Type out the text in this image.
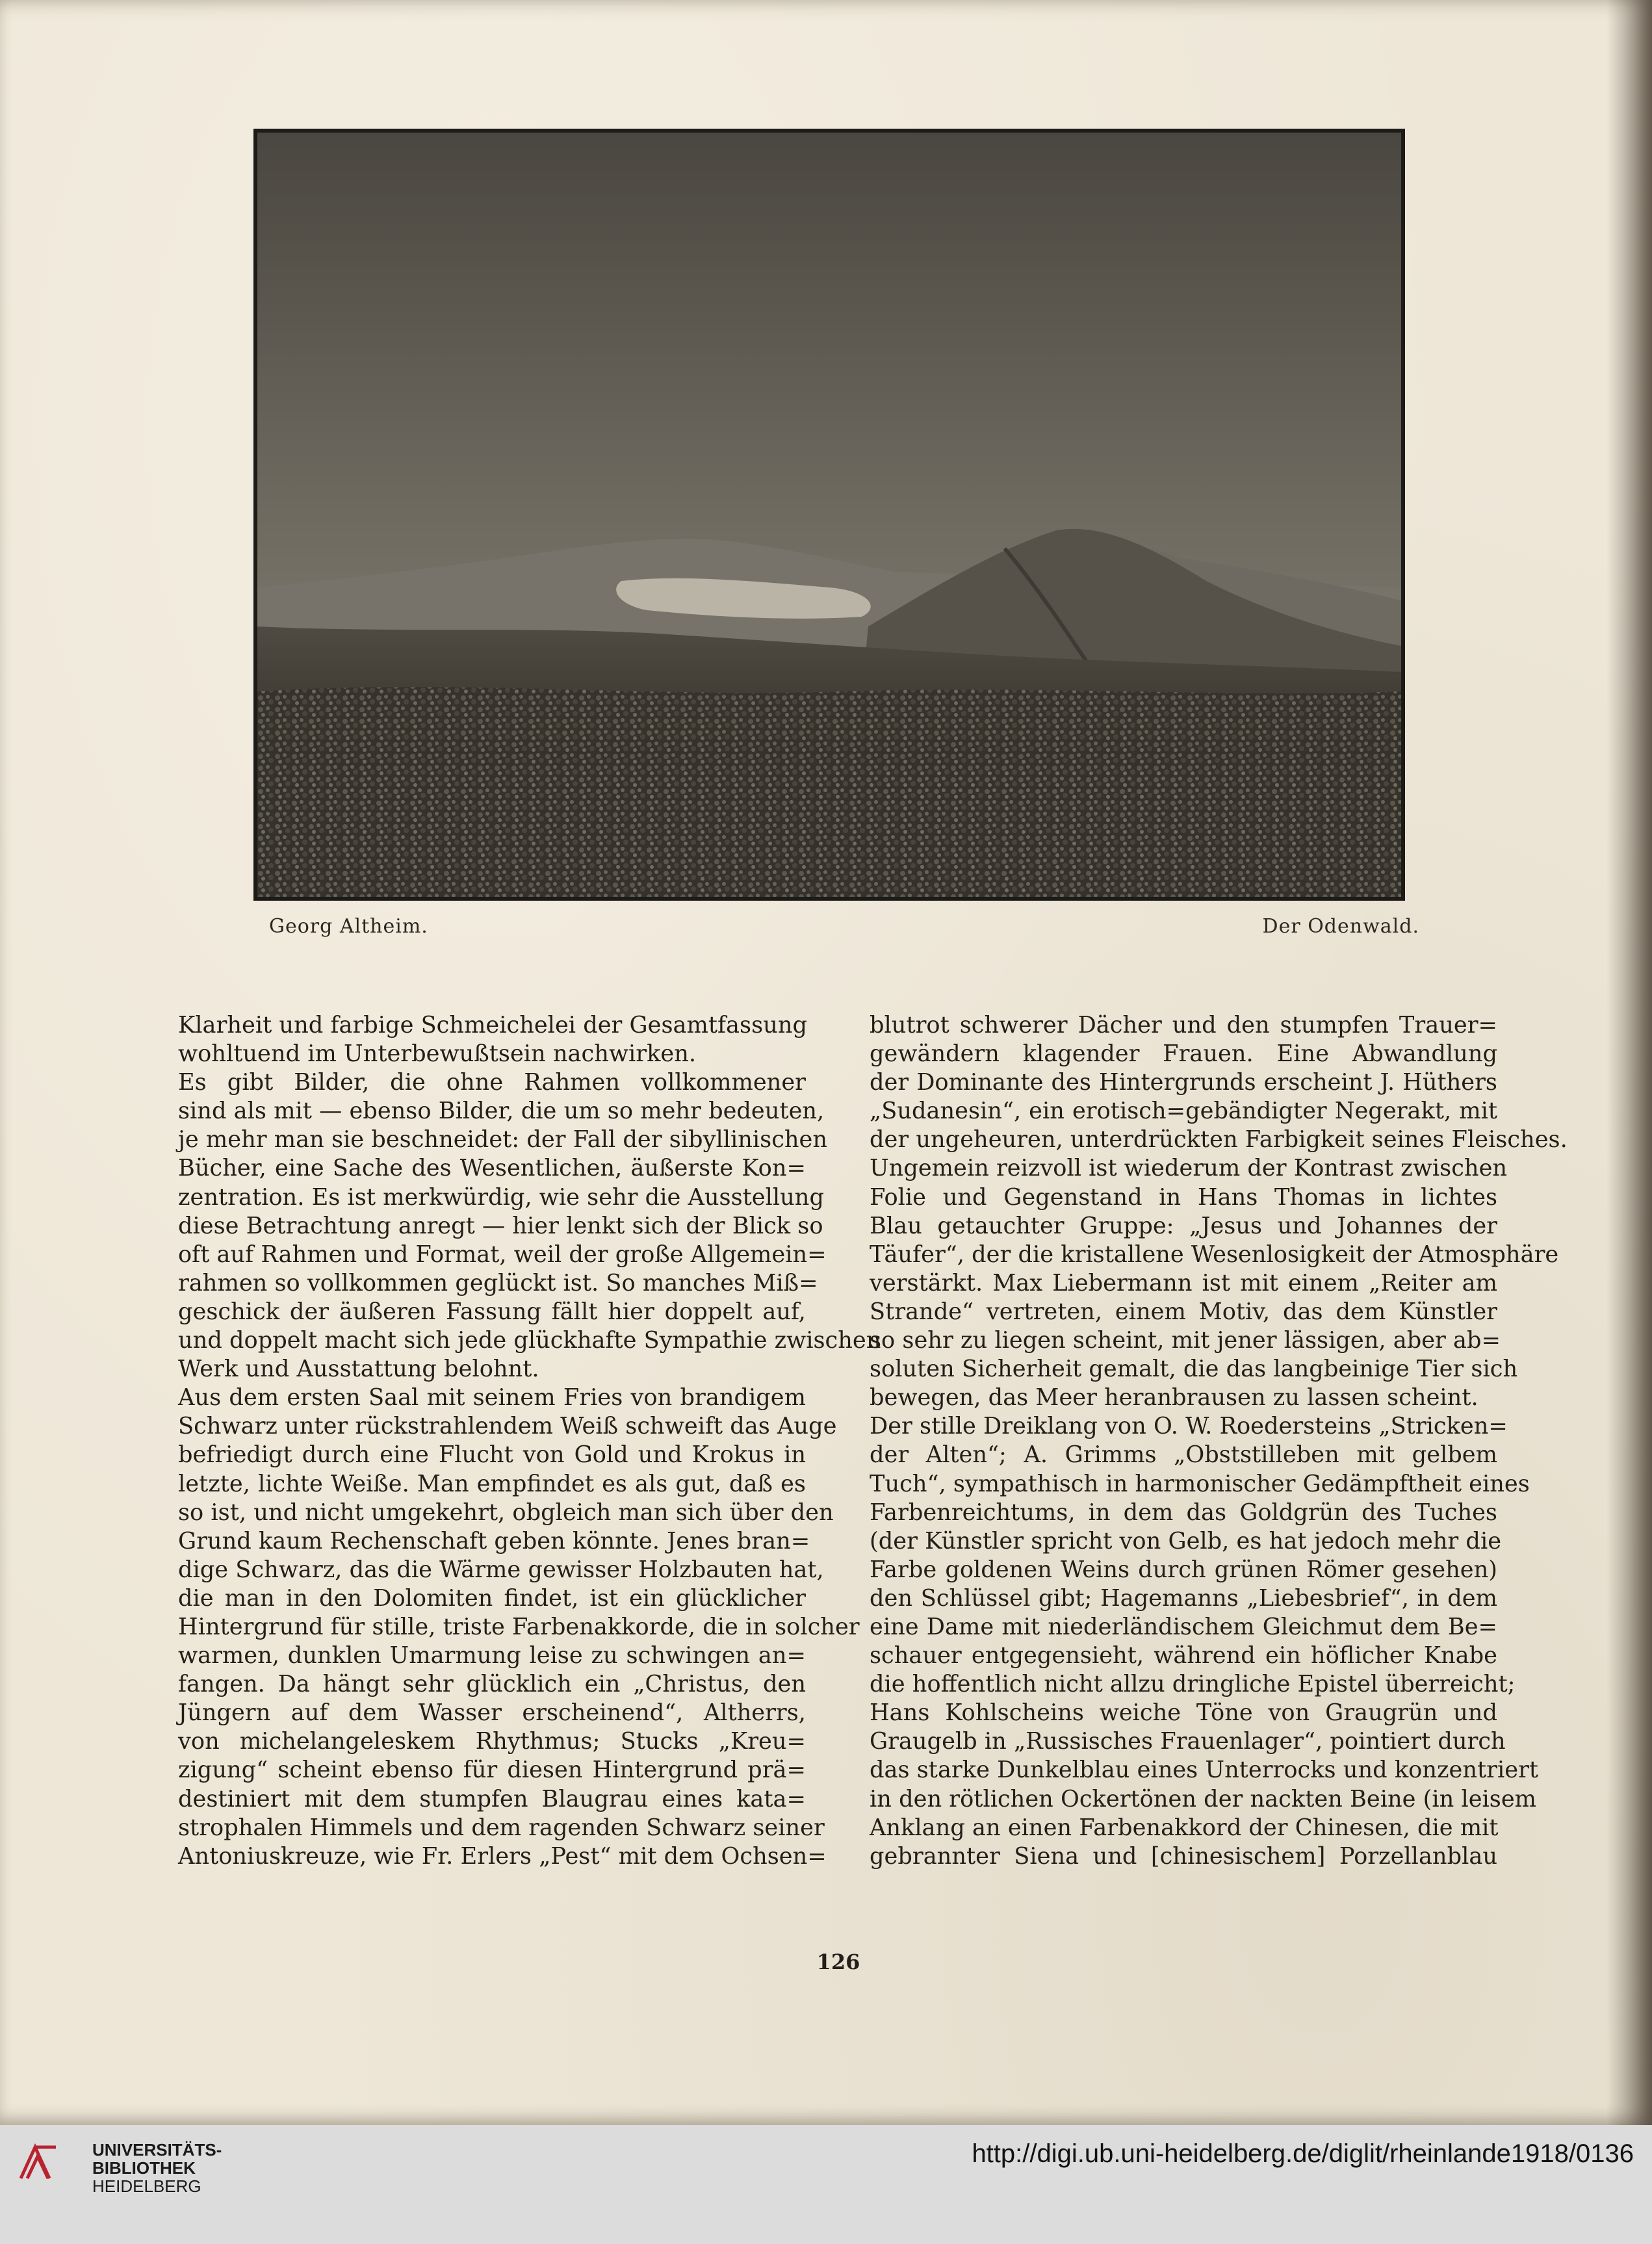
Georg Altheim.	Der Odenwald.
Klarheit und farbige Schmeichelei der Gesamtfassung
wohltuend im Unterbewußtsein nachwirken.
Es gibt Bilder, die ohne Rahmen vollkommener
sind als mit — ebenso Bilder, die um so mehr bedeuten,
je mehr man sie beschneidet: der Fall der sibyllinischen
Bücher, eine Sache des Wesentlichen, äußerste Kon=
zentration. Es ist merkwürdig, wie sehr die Ausstellung
diese Betrachtung anregt — hier lenkt sich der Blick so
oft auf Rahmen und Format, weil der große Allgemein=
rahmen so vollkommen geglückt ist. So manches Miß=
geschick der äußeren Fassung fällt hier doppelt auf,
und doppelt macht sich jede glückhafte Sympathie zwischen
Werk und Ausstattung belohnt.
Aus dem ersten Saal mit seinem Fries von brandigem
Schwarz unter rückstrahlendem Weiß schweift das Auge
befriedigt durch eine Flucht von Gold und Krokus in
letzte, lichte Weiße. Man empfindet es als gut, daß es
so ist, und nicht umgekehrt, obgleich man sich über den
Grund kaum Rechenschaft geben könnte. Jenes bran=
dige Schwarz, das die Wärme gewisser Holzbauten hat,
die man in den Dolomiten findet, ist ein glücklicher
Hintergrund für stille, triste Farbenakkorde, die in solcher
warmen, dunklen Umarmung leise zu schwingen an=
fangen. Da hängt sehr glücklich ein „Christus, den
Jüngern auf dem Wasser erscheinend“, Altherrs,
von michelangeleskem Rhythmus; Stucks „Kreu=
zigung“ scheint ebenso für diesen Hintergrund prä=
destiniert mit dem stumpfen Blaugrau eines kata=
strophalen Himmels und dem ragenden Schwarz seiner
Antoniuskreuze, wie Fr. Erlers „Pest“ mit dem Ochsen=
blutrot schwerer Dächer und den stumpfen Trauer=
gewändern klagender Frauen. Eine Abwandlung
der Dominante des Hintergrunds erscheint J. Hüthers
„Sudanesin“, ein erotisch=gebändigter Negerakt, mit
der ungeheuren, unterdrückten Farbigkeit seines Fleisches.
Ungemein reizvoll ist wiederum der Kontrast zwischen
Folie und Gegenstand in Hans Thomas in lichtes
Blau getauchter Gruppe: „Jesus und Johannes der
Täufer“, der die kristallene Wesenlosigkeit der Atmosphäre
verstärkt. Max Liebermann ist mit einem „Reiter am
Strande“ vertreten, einem Motiv, das dem Künstler
so sehr zu liegen scheint, mit jener lässigen, aber ab=
soluten Sicherheit gemalt, die das langbeinige Tier sich
bewegen, das Meer heranbrausen zu lassen scheint.
Der stille Dreiklang von O. W. Roedersteins „Stricken=
der Alten“; A. Grimms „Obststilleben mit gelbem
Tuch“, sympathisch in harmonischer Gedämpftheit eines
Farbenreichtums, in dem das Goldgrün des Tuches
(der Künstler spricht von Gelb, es hat jedoch mehr die
Farbe goldenen Weins durch grünen Römer gesehen)
den Schlüssel gibt; Hagemanns „Liebesbrief“, in dem
eine Dame mit niederländischem Gleichmut dem Be=
schauer entgegensieht, während ein höflicher Knabe
die hoffentlich nicht allzu dringliche Epistel überreicht;
Hans Kohlscheins weiche Töne von Graugrün und
Graugelb in „Russisches Frauenlager“, pointiert durch
das starke Dunkelblau eines Unterrocks und konzentriert
in den rötlichen Ockertönen der nackten Beine (in leisem
Anklang an einen Farbenakkord der Chinesen, die mit
gebrannter Siena und [chinesischem] Porzellanblau
126
UNIVERSITÄTS-
BIBLIOTHEK
HEIDELBERG
http://digi.ub.uni-heidelberg.de/diglit/rheinlande1918/0136
